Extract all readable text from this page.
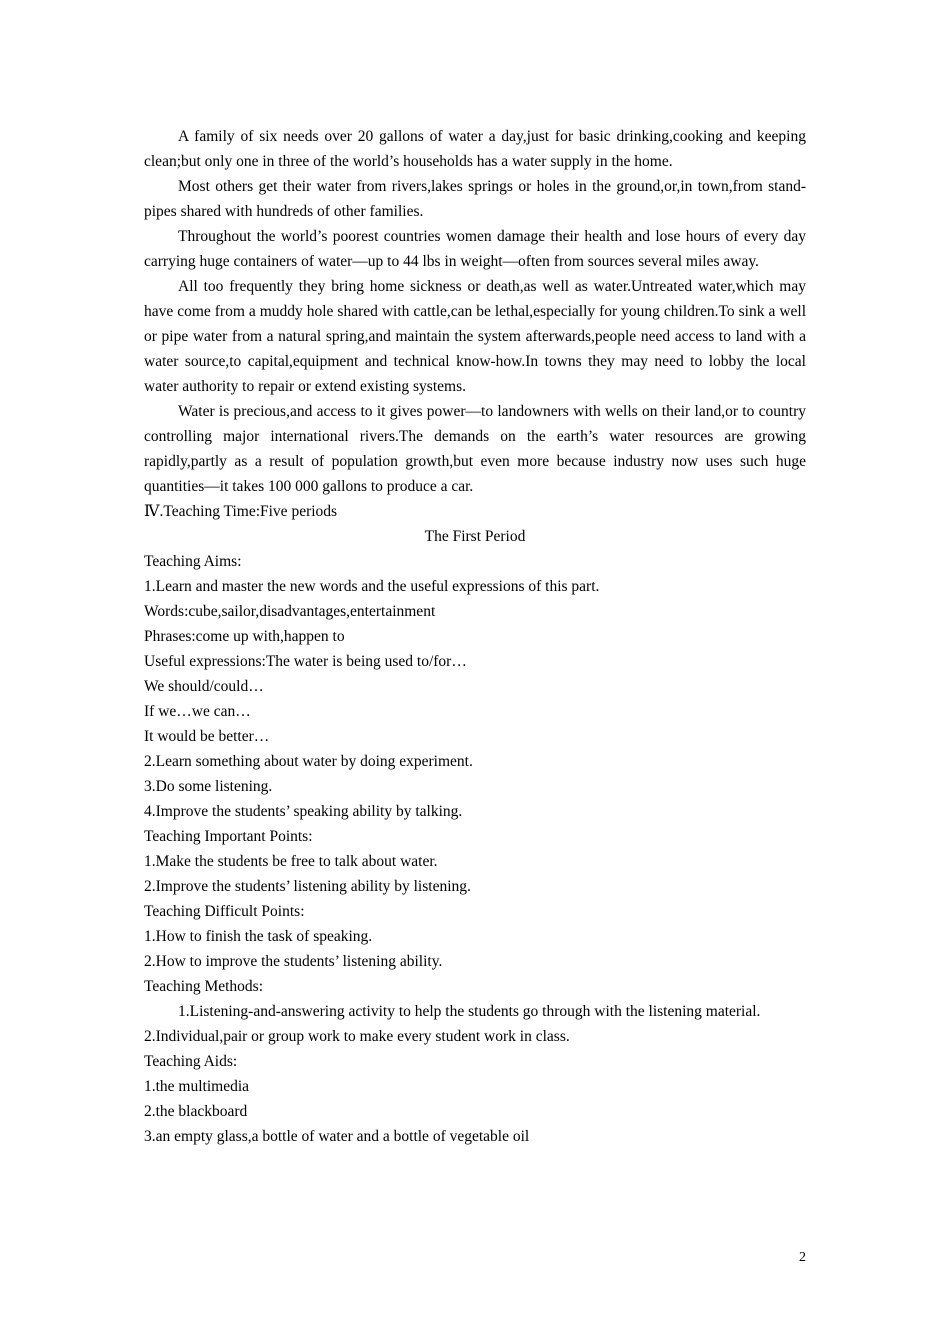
A family of six needs over 20 gallons of water a day,just for basic drinking,cooking and keeping clean;but only one in three of the world’s households has a water supply in the home.

Most others get their water from rivers,lakes springs or holes in the ground,or,in town,from stand-pipes shared with hundreds of other families.

Throughout the world’s poorest countries women damage their health and lose hours of every day carrying huge containers of water—up to 44 lbs in weight—often from sources several miles away.

All too frequently they bring home sickness or death,as well as water.Untreated water,which may have come from a muddy hole shared with cattle,can be lethal,especially for young children.To sink a well or pipe water from a natural spring,and maintain the system afterwards,people need access to land with a water source,to capital,equipment and technical know-how.In towns they may need to lobby the local water authority to repair or extend existing systems.

Water is precious,and access to it gives power—to landowners with wells on their land,or to country controlling major international rivers.The demands on the earth’s water resources are growing rapidly,partly as a result of population growth,but even more because industry now uses such huge quantities—it takes 100 000 gallons to produce a car.

Ⅳ.Teaching Time:Five periods

The First Period

Teaching Aims:

1.Learn and master the new words and the useful expressions of this part.

Words:cube,sailor,disadvantages,entertainment

Phrases:come up with,happen to

Useful expressions:The water is being used to/for…

We should/could…

If we…we can…

It would be better…

2.Learn something about water by doing experiment.

3.Do some listening.

4.Improve the students’ speaking ability by talking.

Teaching Important Points:

1.Make the students be free to talk about water.

2.Improve the students’ listening ability by listening.

Teaching Difficult Points:

1.How to finish the task of speaking.

2.How to improve the students’ listening ability.

Teaching Methods:

1.Listening-and-answering activity to help the students go through with the listening material.

2.Individual,pair or group work to make every student work in class.

Teaching Aids:

1.the multimedia

2.the blackboard

3.an empty glass,a bottle of water and a bottle of vegetable oil

2
